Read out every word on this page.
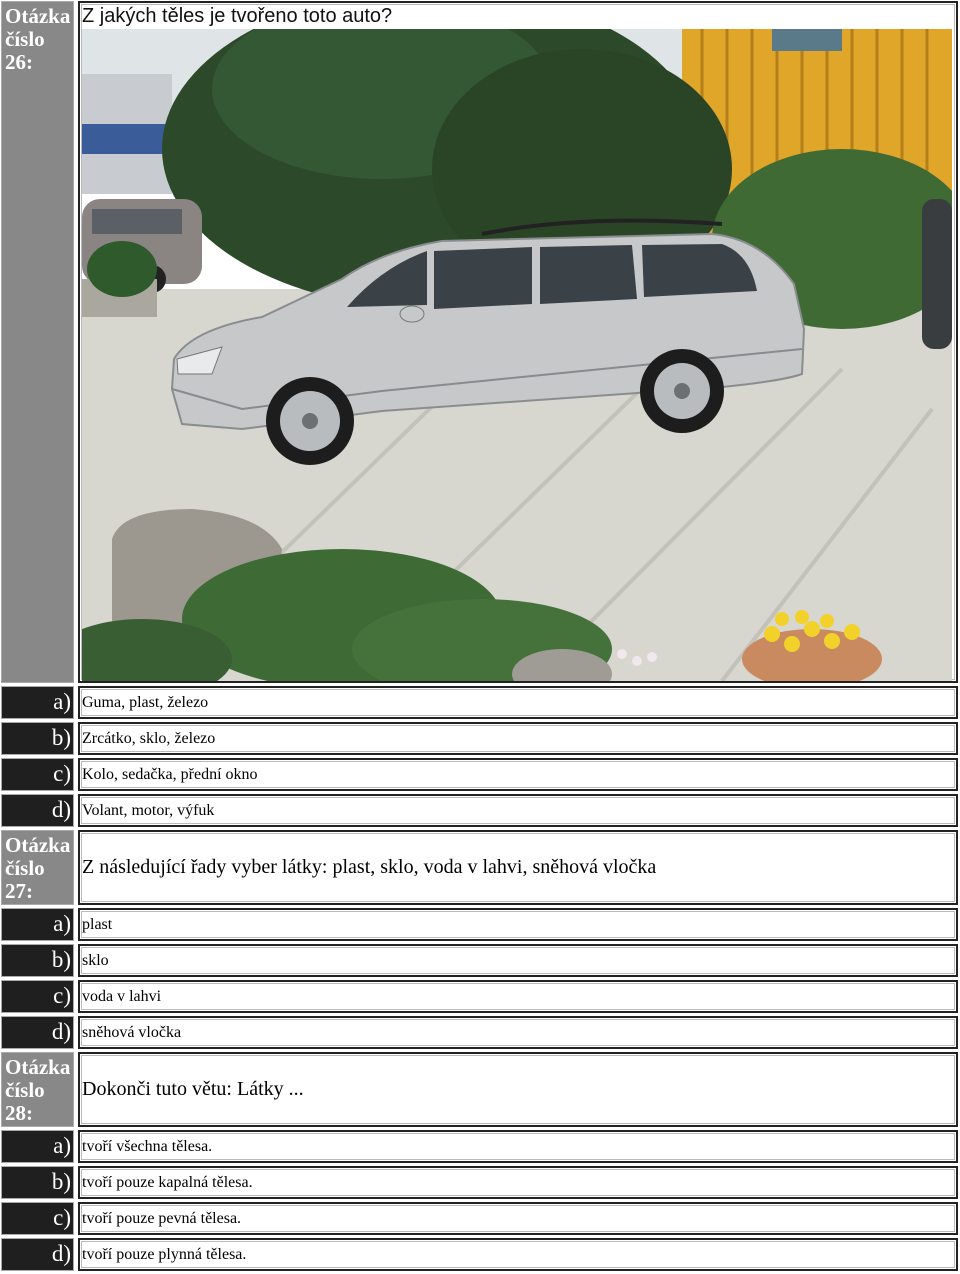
Otázka
číslo
26:
Z jakých těles je tvořeno toto auto?
a) Guma, plast, železo
b) Zrcátko, sklo, železo
c) Kolo, sedačka, přední okno
d) Volant, motor, výfuk
Otázka
číslo
27:
Z následující řady vyber látky: plast, sklo, voda v lahvi, sněhová vločka
a) plast
b) sklo
c) voda v lahvi
d) sněhová vločka
Otázka
číslo
28:
Dokonči tuto větu: Látky ...
a) tvoří všechna tělesa.
b) tvoří pouze kapalná tělesa.
c) tvoří pouze pevná tělesa.
d) tvoří pouze plynná tělesa.
